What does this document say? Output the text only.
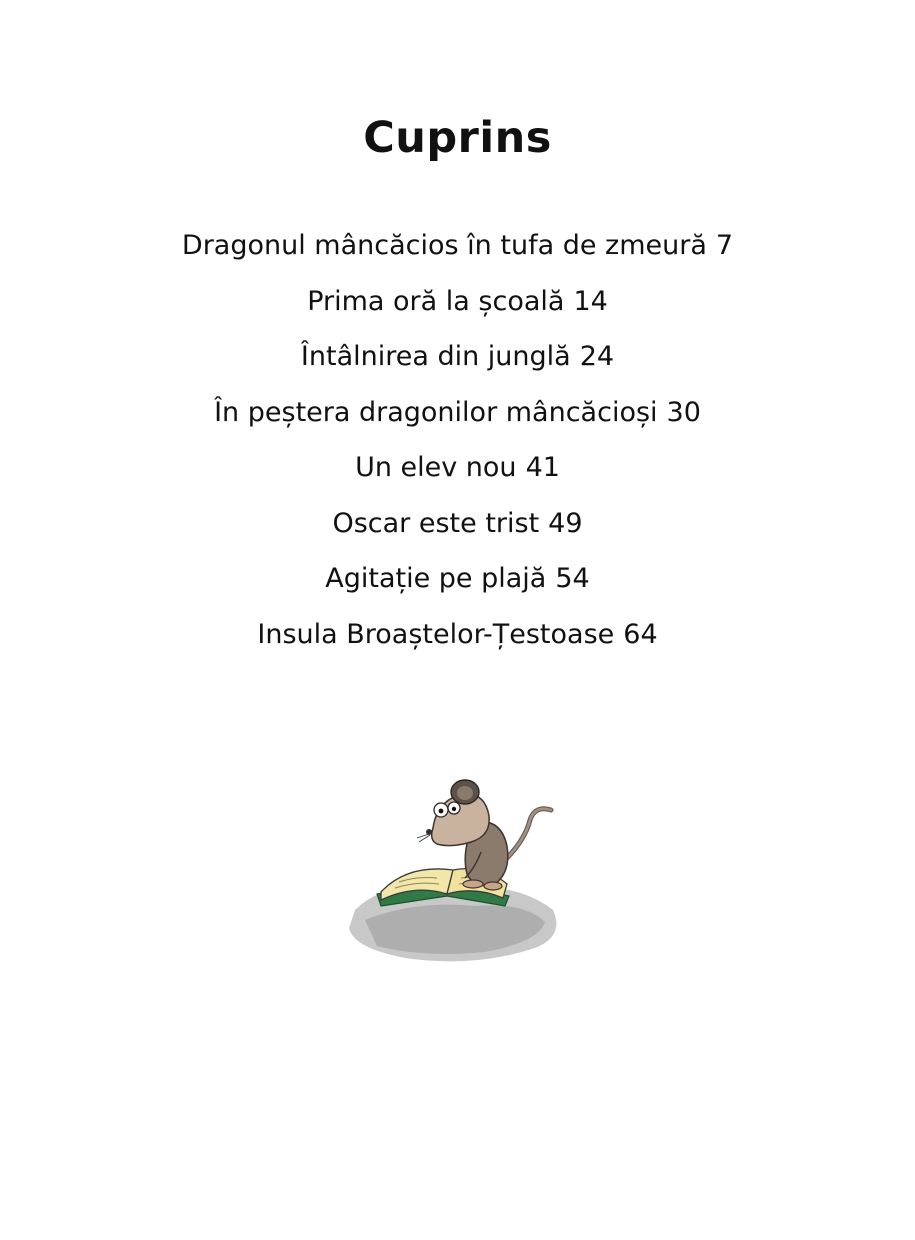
Cuprins
Dragonul mâncăcios în tufa de zmeură 7
Prima oră la școală 14
Întâlnirea din junglă 24
În peștera dragonilor mâncăcioși 30
Un elev nou 41
Oscar este trist 49
Agitație pe plajă 54
Insula Broaștelor-Țestoase 64
